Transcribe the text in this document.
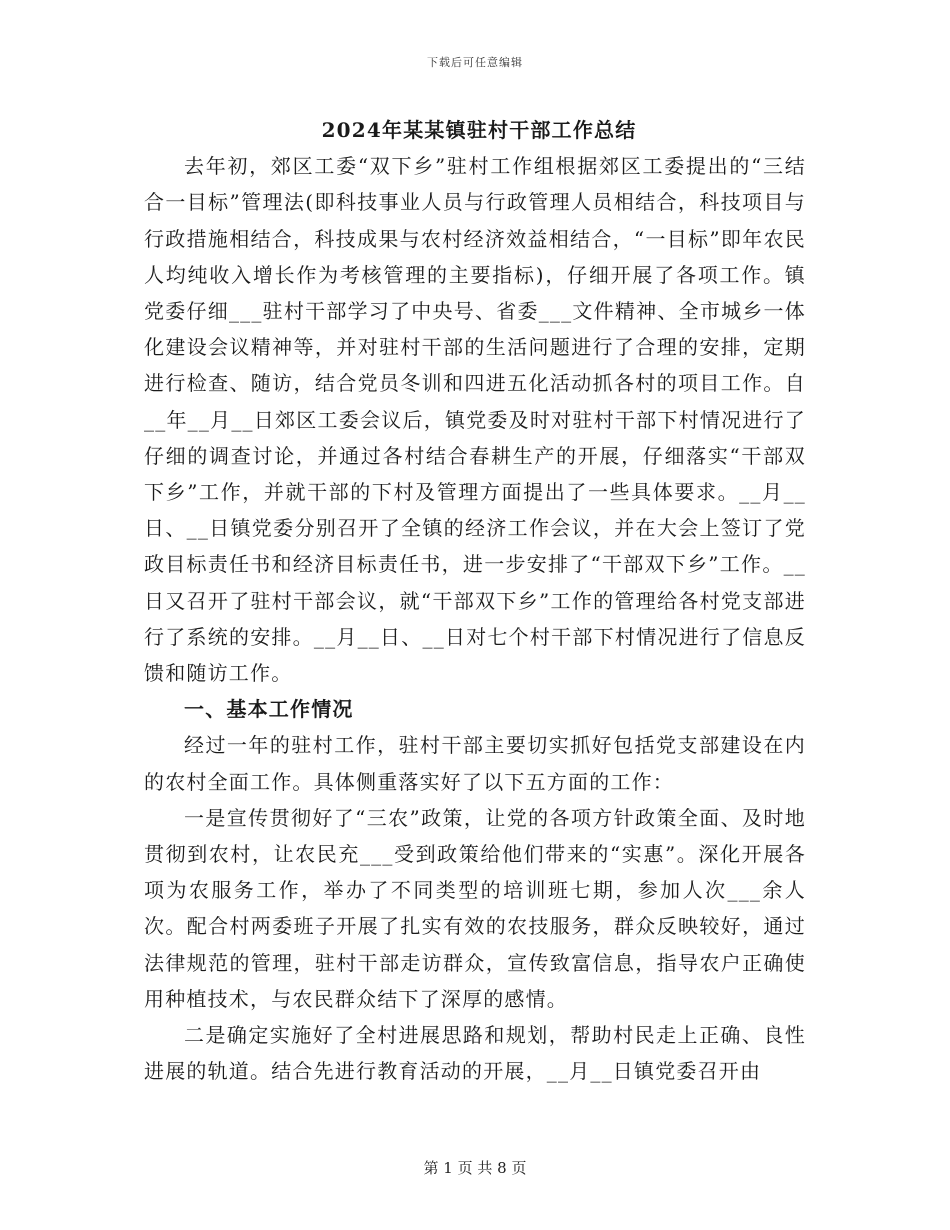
下载后可任意编辑
2024年某某镇驻村干部工作总结

去年初，郊区工委“双下乡”驻村工作组根据郊区工委提出的“三结合一目标”管理法(即科技事业人员与行政管理人员相结合，科技项目与行政措施相结合，科技成果与农村经济效益相结合，“一目标”即年农民人均纯收入增长作为考核管理的主要指标)，仔细开展了各项工作。镇党委仔细___驻村干部学习了中央号、省委___文件精神、全市城乡一体化建设会议精神等，并对驻村干部的生活问题进行了合理的安排，定期进行检查、随访，结合党员冬训和四进五化活动抓各村的项目工作。自__年__月__日郊区工委会议后，镇党委及时对驻村干部下村情况进行了仔细的调查讨论，并通过各村结合春耕生产的开展，仔细落实“干部双下乡”工作，并就干部的下村及管理方面提出了一些具体要求。__月__日、__日镇党委分别召开了全镇的经济工作会议，并在大会上签订了党政目标责任书和经济目标责任书，进一步安排了“干部双下乡”工作。__日又召开了驻村干部会议，就“干部双下乡”工作的管理给各村党支部进行了系统的安排。__月__日、__日对七个村干部下村情况进行了信息反馈和随访工作。

一、基本工作情况

经过一年的驻村工作，驻村干部主要切实抓好包括党支部建设在内的农村全面工作。具体侧重落实好了以下五方面的工作：

一是宣传贯彻好了“三农”政策，让党的各项方针政策全面、及时地贯彻到农村，让农民充___受到政策给他们带来的“实惠”。深化开展各项为农服务工作，举办了不同类型的培训班七期，参加人次___余人次。配合村两委班子开展了扎实有效的农技服务，群众反映较好，通过法律规范的管理，驻村干部走访群众，宣传致富信息，指导农户正确使用种植技术，与农民群众结下了深厚的感情。

二是确定实施好了全村进展思路和规划，帮助村民走上正确、良性进展的轨道。结合先进行教育活动的开展，__月__日镇党委召开由

第 1 页 共 8 页
